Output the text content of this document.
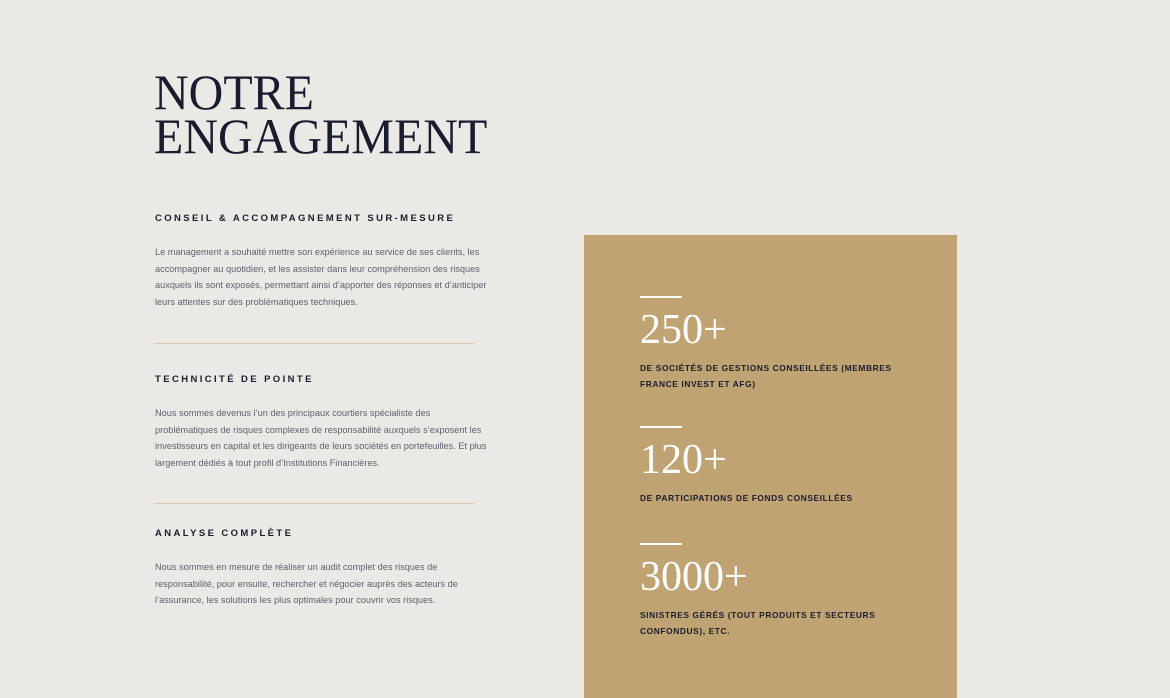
NOTRE
ENGAGEMENT
CONSEIL & ACCOMPAGNEMENT SUR-MESURE

Le management a souhaité mettre son expérience au service de ses clients, les accompagner au quotidien, et les assister dans leur compréhension des risques auxquels ils sont exposés, permettant ainsi d’apporter des réponses et d’anticiper leurs attentes sur des problématiques techniques.

TECHNICITÉ DE POINTE

Nous sommes devenus l’un des principaux courtiers spécialiste des problématiques de risques complexes de responsabilité auxquels s’exposent les investisseurs en capital et les dirigeants de leurs sociétés en portefeuilles. Et plus largement dédiés à tout profil d’Institutions Financières.

ANALYSE COMPLÈTE

Nous sommes en mesure de réaliser un audit complet des risques de responsabilité, pour ensuite, rechercher et négocier auprès des acteurs de l’assurance, les solutions les plus optimales pour couvrir vos risques.

250+
DE SOCIÉTÉS DE GESTIONS CONSEILLÉES (MEMBRES FRANCE INVEST ET AFG)
120+
DE PARTICIPATIONS DE FONDS CONSEILLÉES
3000+
SINISTRES GÉRÉS (TOUT PRODUITS ET SECTEURS CONFONDUS), ETC.
